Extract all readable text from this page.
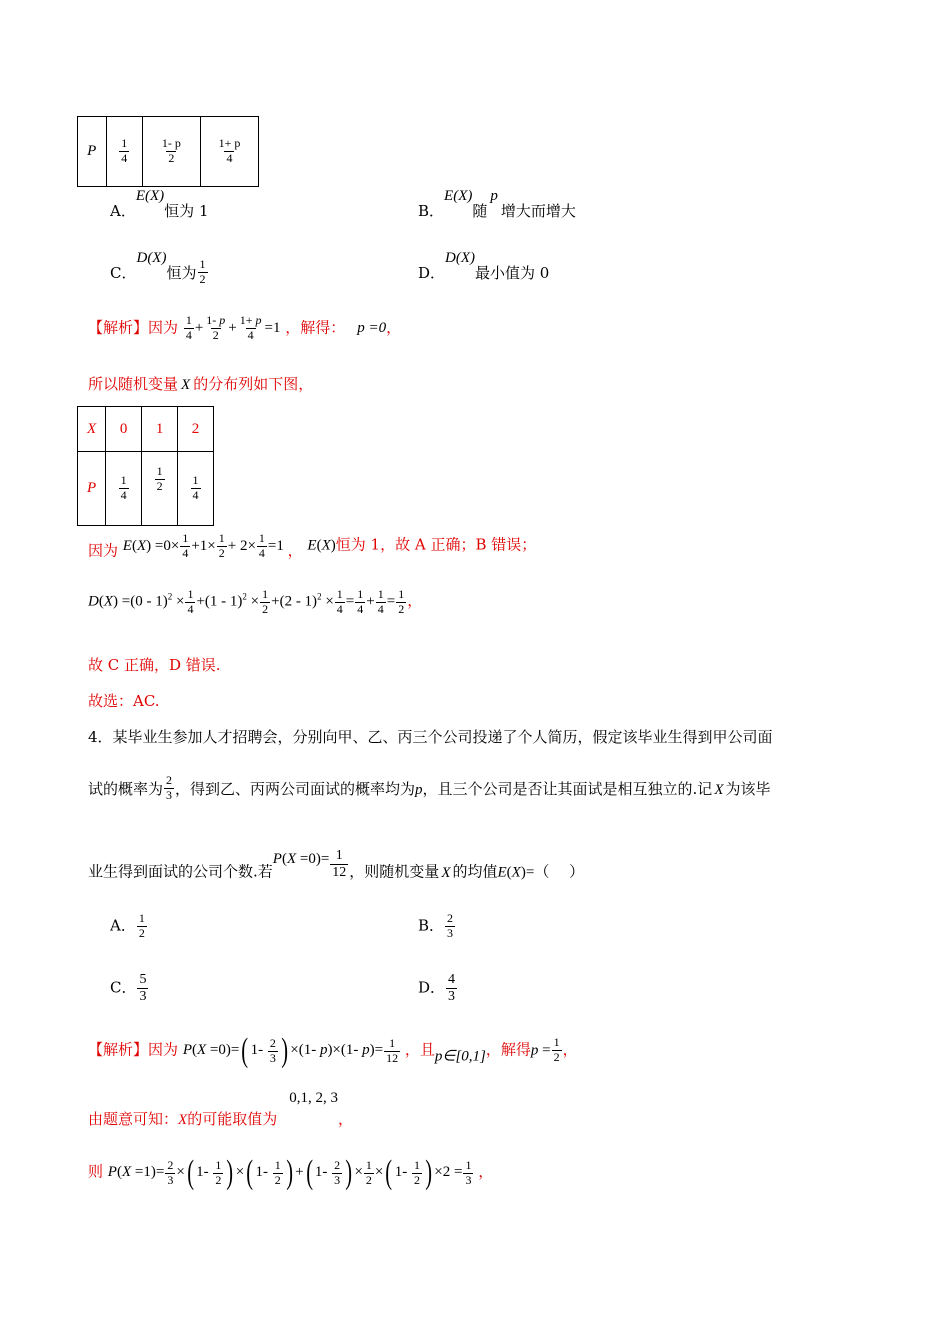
P	$\frac{1}{4}$	$\frac{1- p}{2}$	$\frac{1+ p}{4}$
A．E(X)恒为 1	B．E(X)随p增大而增大
C．D(X)恒为 $\frac{1}{2}$	D．D(X)最小值为 0
【解析】因为 $\frac{1}{4} + \frac{1- p}{2} + \frac{1+ p}{4} =1$ ，解得： p =0，
所以随机变量 X 的分布列如下图，
X	0	1	2
P	$\frac{1}{4}$	$\frac{1}{2}$	$\frac{1}{4}$
因为 $E(X) =0\times \frac{1}{4} +1\times \frac{1}{2} + 2\times \frac{1}{4} =1$ ， E(X)恒为 1，故 A 正确；B 错误；
$D(X) =(0 - 1)^2 \times \frac{1}{4} +(1 - 1)^2 \times \frac{1}{2} +(2 - 1)^2 \times \frac{1}{4} = \frac{1}{4} + \frac{1}{4} = \frac{1}{2}$ ，
故 C 正确，D 错误.
故选：AC.
4．某毕业生参加人才招聘会，分别向甲、乙、丙三个公司投递了个人简历，假定该毕业生得到甲公司面
试的概率为 $\frac{2}{3}$ ，得到乙、丙两公司面试的概率均为p，且三个公司是否让其面试是相互独立的.记 X 为该毕
业生得到面试的公司个数.若$P(X =0)= \frac{1}{12}$ ，则随机变量 X 的均值E(X)=（　 ）
A． $\frac{1}{2}$	B． $\frac{2}{3}$
C． $\frac{5}{3}$	D． $\frac{4}{3}$
【解析】因为 P(X =0)=( $1- \frac{2}{3}$ ) ×(1- p)×(1- $p)= \frac{1}{12}$ ，且p∈[0,1]，解得$p = \frac{1}{2}$ ，
由题意可知：X的可能取值为0,1, 2, 3，
则 $P(X =1)= \frac{2}{3}$ ×( $1- \frac{1}{2}$ ) ×( $1- \frac{1}{2}$ ) +( $1- \frac{2}{3}$ ) × $\frac{1}{2}$ ×( $1- \frac{1}{2}$ ) $\times 2 = \frac{1}{3}$ ，
